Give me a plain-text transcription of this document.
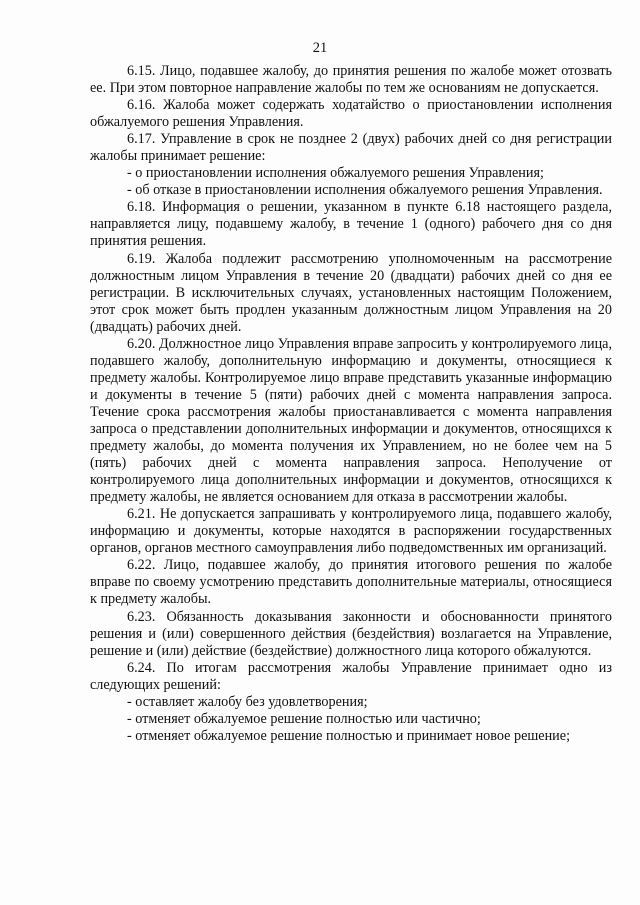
21

6.15. Лицо, подавшее жалобу, до принятия решения по жалобе может отозвать ее. При этом повторное направление жалобы по тем же основаниям не допускается.

6.16. Жалоба может содержать ходатайство о приостановлении исполнения обжалуемого решения Управления.

6.17. Управление в срок не позднее 2 (двух) рабочих дней со дня регистрации жалобы принимает решение:

- о приостановлении исполнения обжалуемого решения Управления;

- об отказе в приостановлении исполнения обжалуемого решения Управления.

6.18. Информация о решении, указанном в пункте 6.18 настоящего раздела, направляется лицу, подавшему жалобу, в течение 1 (одного) рабочего дня со дня принятия решения.

6.19. Жалоба подлежит рассмотрению уполномоченным на рассмотрение должностным лицом Управления в течение 20 (двадцати) рабочих дней со дня ее регистрации. В исключительных случаях, установленных настоящим Положением, этот срок может быть продлен указанным должностным лицом Управления на 20 (двадцать) рабочих дней.

6.20. Должностное лицо Управления вправе запросить у контролируемого лица, подавшего жалобу, дополнительную информацию и документы, относящиеся к предмету жалобы. Контролируемое лицо вправе представить указанные информацию и документы в течение 5 (пяти) рабочих дней с момента направления запроса. Течение срока рассмотрения жалобы приостанавливается с момента направления запроса о представлении дополнительных информации и документов, относящихся к предмету жалобы, до момента получения их Управлением, но не более чем на 5 (пять) рабочих дней с момента направления запроса. Неполучение от контролируемого лица дополнительных информации и документов, относящихся к предмету жалобы, не является основанием для отказа в рассмотрении жалобы.

6.21. Не допускается запрашивать у контролируемого лица, подавшего жалобу, информацию и документы, которые находятся в распоряжении государственных органов, органов местного самоуправления либо подведомственных им организаций.

6.22. Лицо, подавшее жалобу, до принятия итогового решения по жалобе вправе по своему усмотрению представить дополнительные материалы, относящиеся к предмету жалобы.

6.23. Обязанность доказывания законности и обоснованности принятого решения и (или) совершенного действия (бездействия) возлагается на Управление, решение и (или) действие (бездействие) должностного лица которого обжалуются.

6.24. По итогам рассмотрения жалобы Управление принимает одно из следующих решений:

- оставляет жалобу без удовлетворения;

- отменяет обжалуемое решение полностью или частично;

- отменяет обжалуемое решение полностью и принимает новое решение;
